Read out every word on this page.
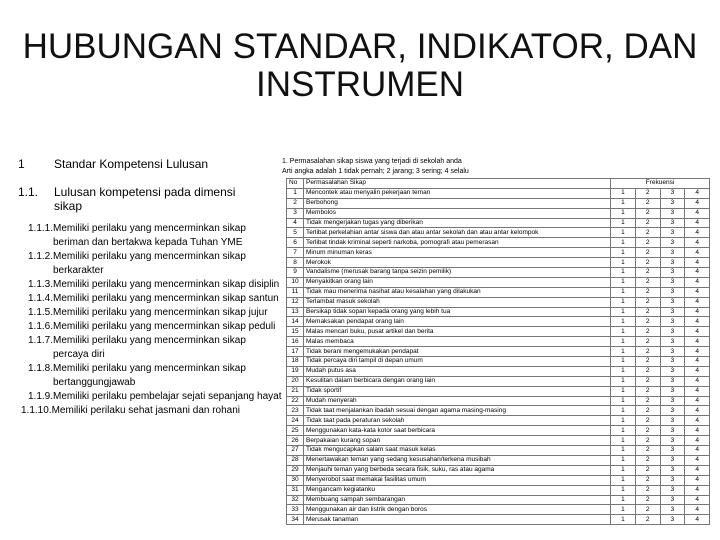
HUBUNGAN STANDAR, INDIKATOR, DAN
INSTRUMEN
1 Standar Kompetensi Lulusan
1.1. Lulusan kompetensi pada dimensi
sikap
1.1.1.Memiliki perilaku yang mencerminkan sikap
beriman dan bertakwa kepada Tuhan YME
1.1.2.Memiliki perilaku yang mencerminkan sikap
berkarakter
1.1.3.Memiliki perilaku yang mencerminkan sikap disiplin
1.1.4.Memiliki perilaku yang mencerminkan sikap santun
1.1.5.Memiliki perilaku yang mencerminkan sikap jujur
1.1.6.Memiliki perilaku yang mencerminkan sikap peduli
1.1.7.Memiliki perilaku yang mencerminkan sikap
percaya diri
1.1.8.Memiliki perilaku yang mencerminkan sikap
bertanggungjawab
1.1.9.Memiliki perilaku pembelajar sejati sepanjang hayat
1.1.10.Memiliki perilaku sehat jasmani dan rohani
1. Permasalahan sikap siswa yang terjadi di sekolah anda
Arti angka adalah 1 tidak pernah; 2 jarang; 3 sering; 4 selalu
No	Permasalahan Sikap	Frekuensi			
1	Mencontek atau menyalin pekerjaan teman	1	2	3	4
2	Berbohong	1	2	3	4
3	Membolos	1	2	3	4
4	Tidak mengerjakan tugas yang diberikan	1	2	3	4
5	Terlibat perkelahian antar siswa dan atau antar sekolah dan atau antar kelompok	1	2	3	4
6	Terlibat tindak kriminal seperti narkoba, pornografi atau pemerasan	1	2	3	4
7	Minum minuman keras	1	2	3	4
8	Merokok	1	2	3	4
9	Vandalisme (merusak barang tanpa seizin pemilik)	1	2	3	4
10	Menyakitkan orang lain	1	2	3	4
11	Tidak mau menerima nasihat atau kesalahan yang dilakukan	1	2	3	4
12	Terlambat masuk sekolah	1	2	3	4
13	Bersikap tidak sopan kepada orang yang lebih tua	1	2	3	4
14	Memaksakan pendapat orang lain	1	2	3	4
15	Malas mencari buku, pusat artikel dan berita	1	2	3	4
16	Malas membaca	1	2	3	4
17	Tidak berani mengemukakan pendapat	1	2	3	4
18	Tidak percaya diri tampil di depan umum	1	2	3	4
19	Mudah putus asa	1	2	3	4
20	Kesulitan dalam berbicara dengan orang lain	1	2	3	4
21	Tidak sportif	1	2	3	4
22	Mudah menyerah	1	2	3	4
23	Tidak taat menjalankan ibadah sesuai dengan agama masing-masing	1	2	3	4
24	Tidak taat pada peraturan sekolah	1	2	3	4
25	Menggunakan kata-kata kotor saat berbicara	1	2	3	4
26	Berpakaian kurang sopan	1	2	3	4
27	Tidak mengucapkan salam saat masuk kelas	1	2	3	4
28	Menertawakan teman yang sedang kesusahan/terkena musibah	1	2	3	4
29	Menjauhi teman yang berbeda secara fisik, suku, ras atau agama	1	2	3	4
30	Menyerobot saat memakai fasilitas umum	1	2	3	4
31	Mengancam kegiatanku	1	2	3	4
32	Membuang sampah sembarangan	1	2	3	4
33	Menggunakan air dan listrik dengan boros	1	2	3	4
34	Merusak tanaman	1	2	3	4
